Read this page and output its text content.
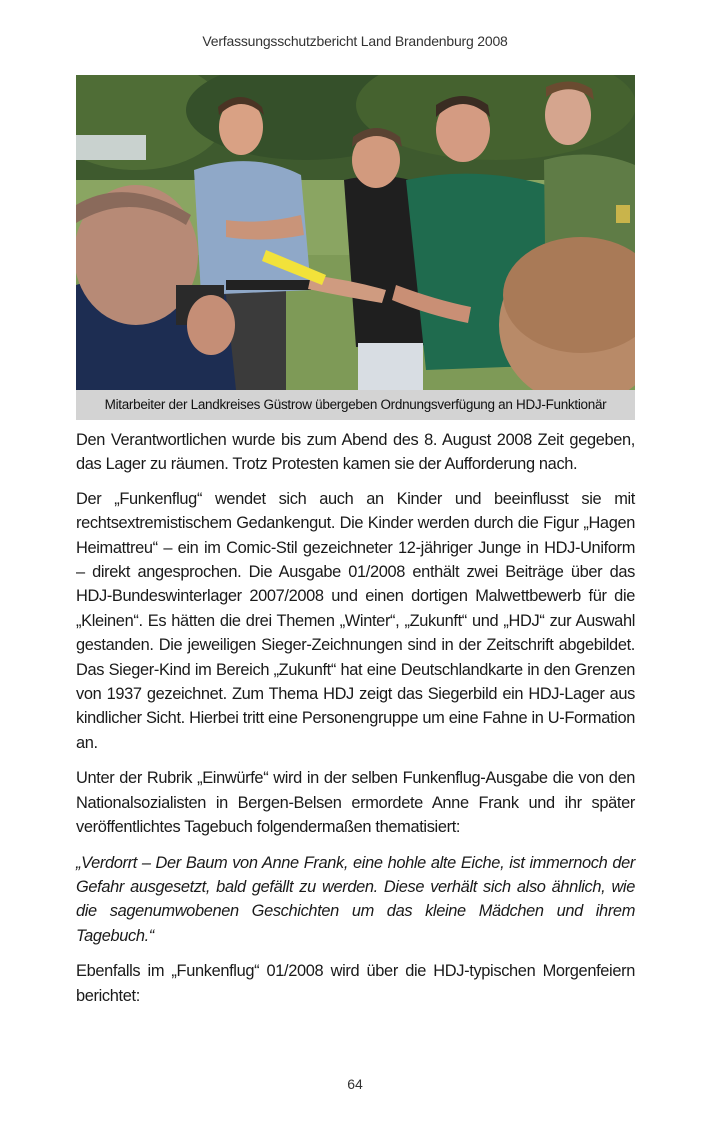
Verfassungsschutzbericht Land Brandenburg 2008
Mitarbeiter der Landkreises Güstrow übergeben Ordnungsverfügung an HDJ-Funktionär

Den Verantwortlichen wurde bis zum Abend des 8. August 2008 Zeit gegeben, das Lager zu räumen. Trotz Protesten kamen sie der Aufforderung nach.

Der „Funkenflug“ wendet sich auch an Kinder und beeinflusst sie mit rechtsextremistischem Gedankengut. Die Kinder werden durch die Figur „Hagen Heimattreu“ – ein im Comic-Stil gezeichneter 12-jähriger Junge in HDJ-Uniform – direkt angesprochen. Die Ausgabe 01/2008 enthält zwei Beiträge über das HDJ-Bundeswinterlager 2007/2008 und einen dortigen Malwettbewerb für die „Kleinen“. Es hätten die drei Themen „Winter“, „Zukunft“ und „HDJ“ zur Auswahl gestanden. Die jeweiligen Sieger-Zeichnungen sind in der Zeitschrift abgebildet. Das Sieger-Kind im Bereich „Zukunft“ hat eine Deutschlandkarte in den Grenzen von 1937 gezeichnet. Zum Thema HDJ zeigt das Siegerbild ein HDJ-Lager aus kindlicher Sicht. Hierbei tritt eine Personengruppe um eine Fahne in U-Formation an.

Unter der Rubrik „Einwürfe“ wird in der selben Funkenflug-Ausgabe die von den Nationalsozialisten in Bergen-Belsen ermordete Anne Frank und ihr später veröffentlichtes Tagebuch folgendermaßen thematisiert:

„Verdorrt – Der Baum von Anne Frank, eine hohle alte Eiche, ist immernoch der Gefahr ausgesetzt, bald gefällt zu werden. Diese verhält sich also ähnlich, wie die sagenumwobenen Geschichten um das kleine Mädchen und ihrem Tagebuch.“

Ebenfalls im „Funkenflug“ 01/2008 wird über die HDJ-typischen Morgenfeiern berichtet:

64
